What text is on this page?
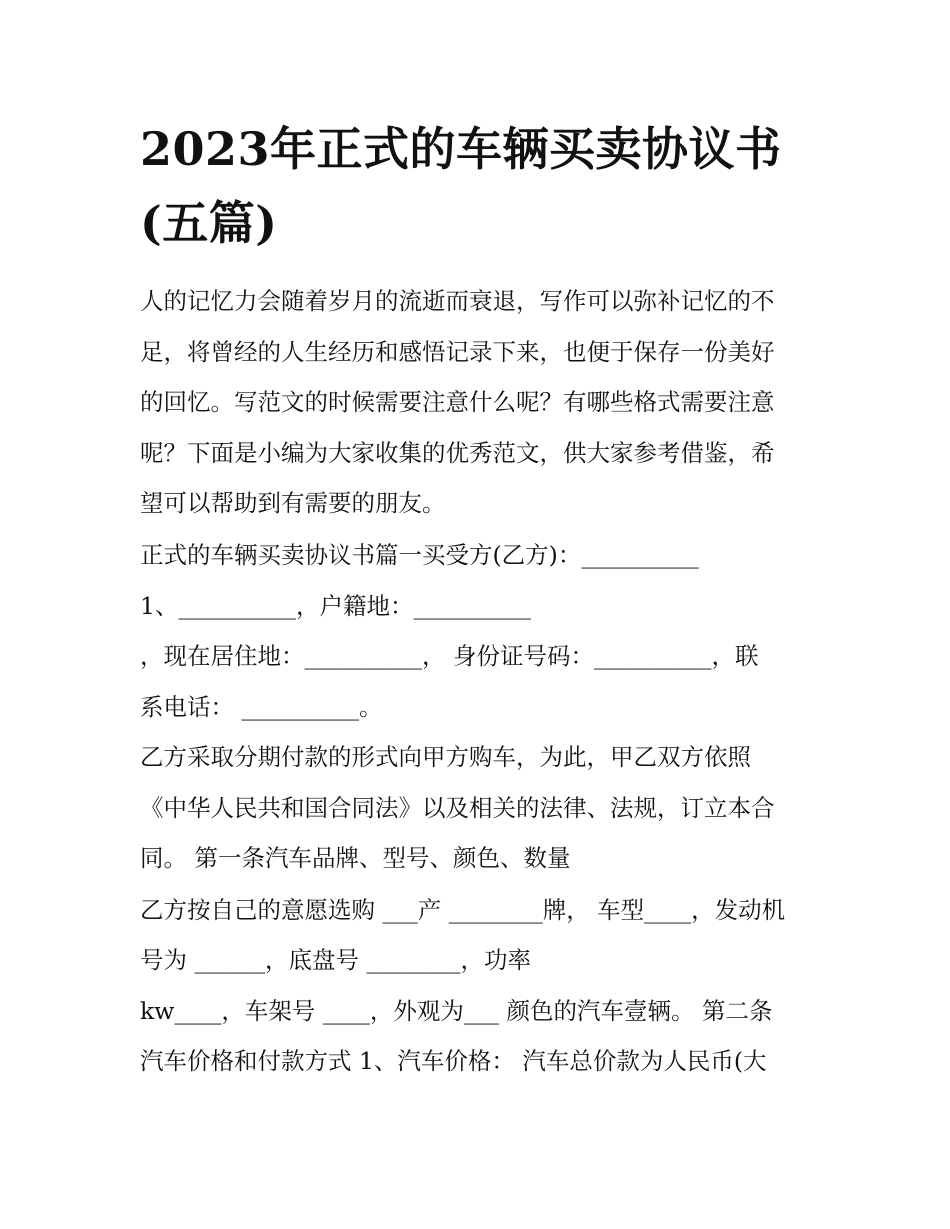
2023年正式的车辆买卖协议书
(五篇)

人的记忆力会随着岁月的流逝而衰退，写作可以弥补记忆的不

足，将曾经的人生经历和感悟记录下来，也便于保存一份美好

的回忆。写范文的时候需要注意什么呢？有哪些格式需要注意

呢？下面是小编为大家收集的优秀范文，供大家参考借鉴，希

望可以帮助到有需要的朋友。

正式的车辆买卖协议书篇一买受方(乙方)：__________

1、__________，户籍地：__________

，现在居住地：__________， 身份证号码：__________，联

系电话： __________。

乙方采取分期付款的形式向甲方购车，为此，甲乙双方依照

《中华人民共和国合同法》以及相关的法律、法规，订立本合

同。 第一条汽车品牌、型号、颜色、数量

乙方按自己的意愿选购 ___产 ________牌， 车型____，发动机

号为 ______，底盘号 ________，功率

kw____，车架号 ____，外观为___ 颜色的汽车壹辆。 第二条

汽车价格和付款方式 1、汽车价格： 汽车总价款为人民币(大
